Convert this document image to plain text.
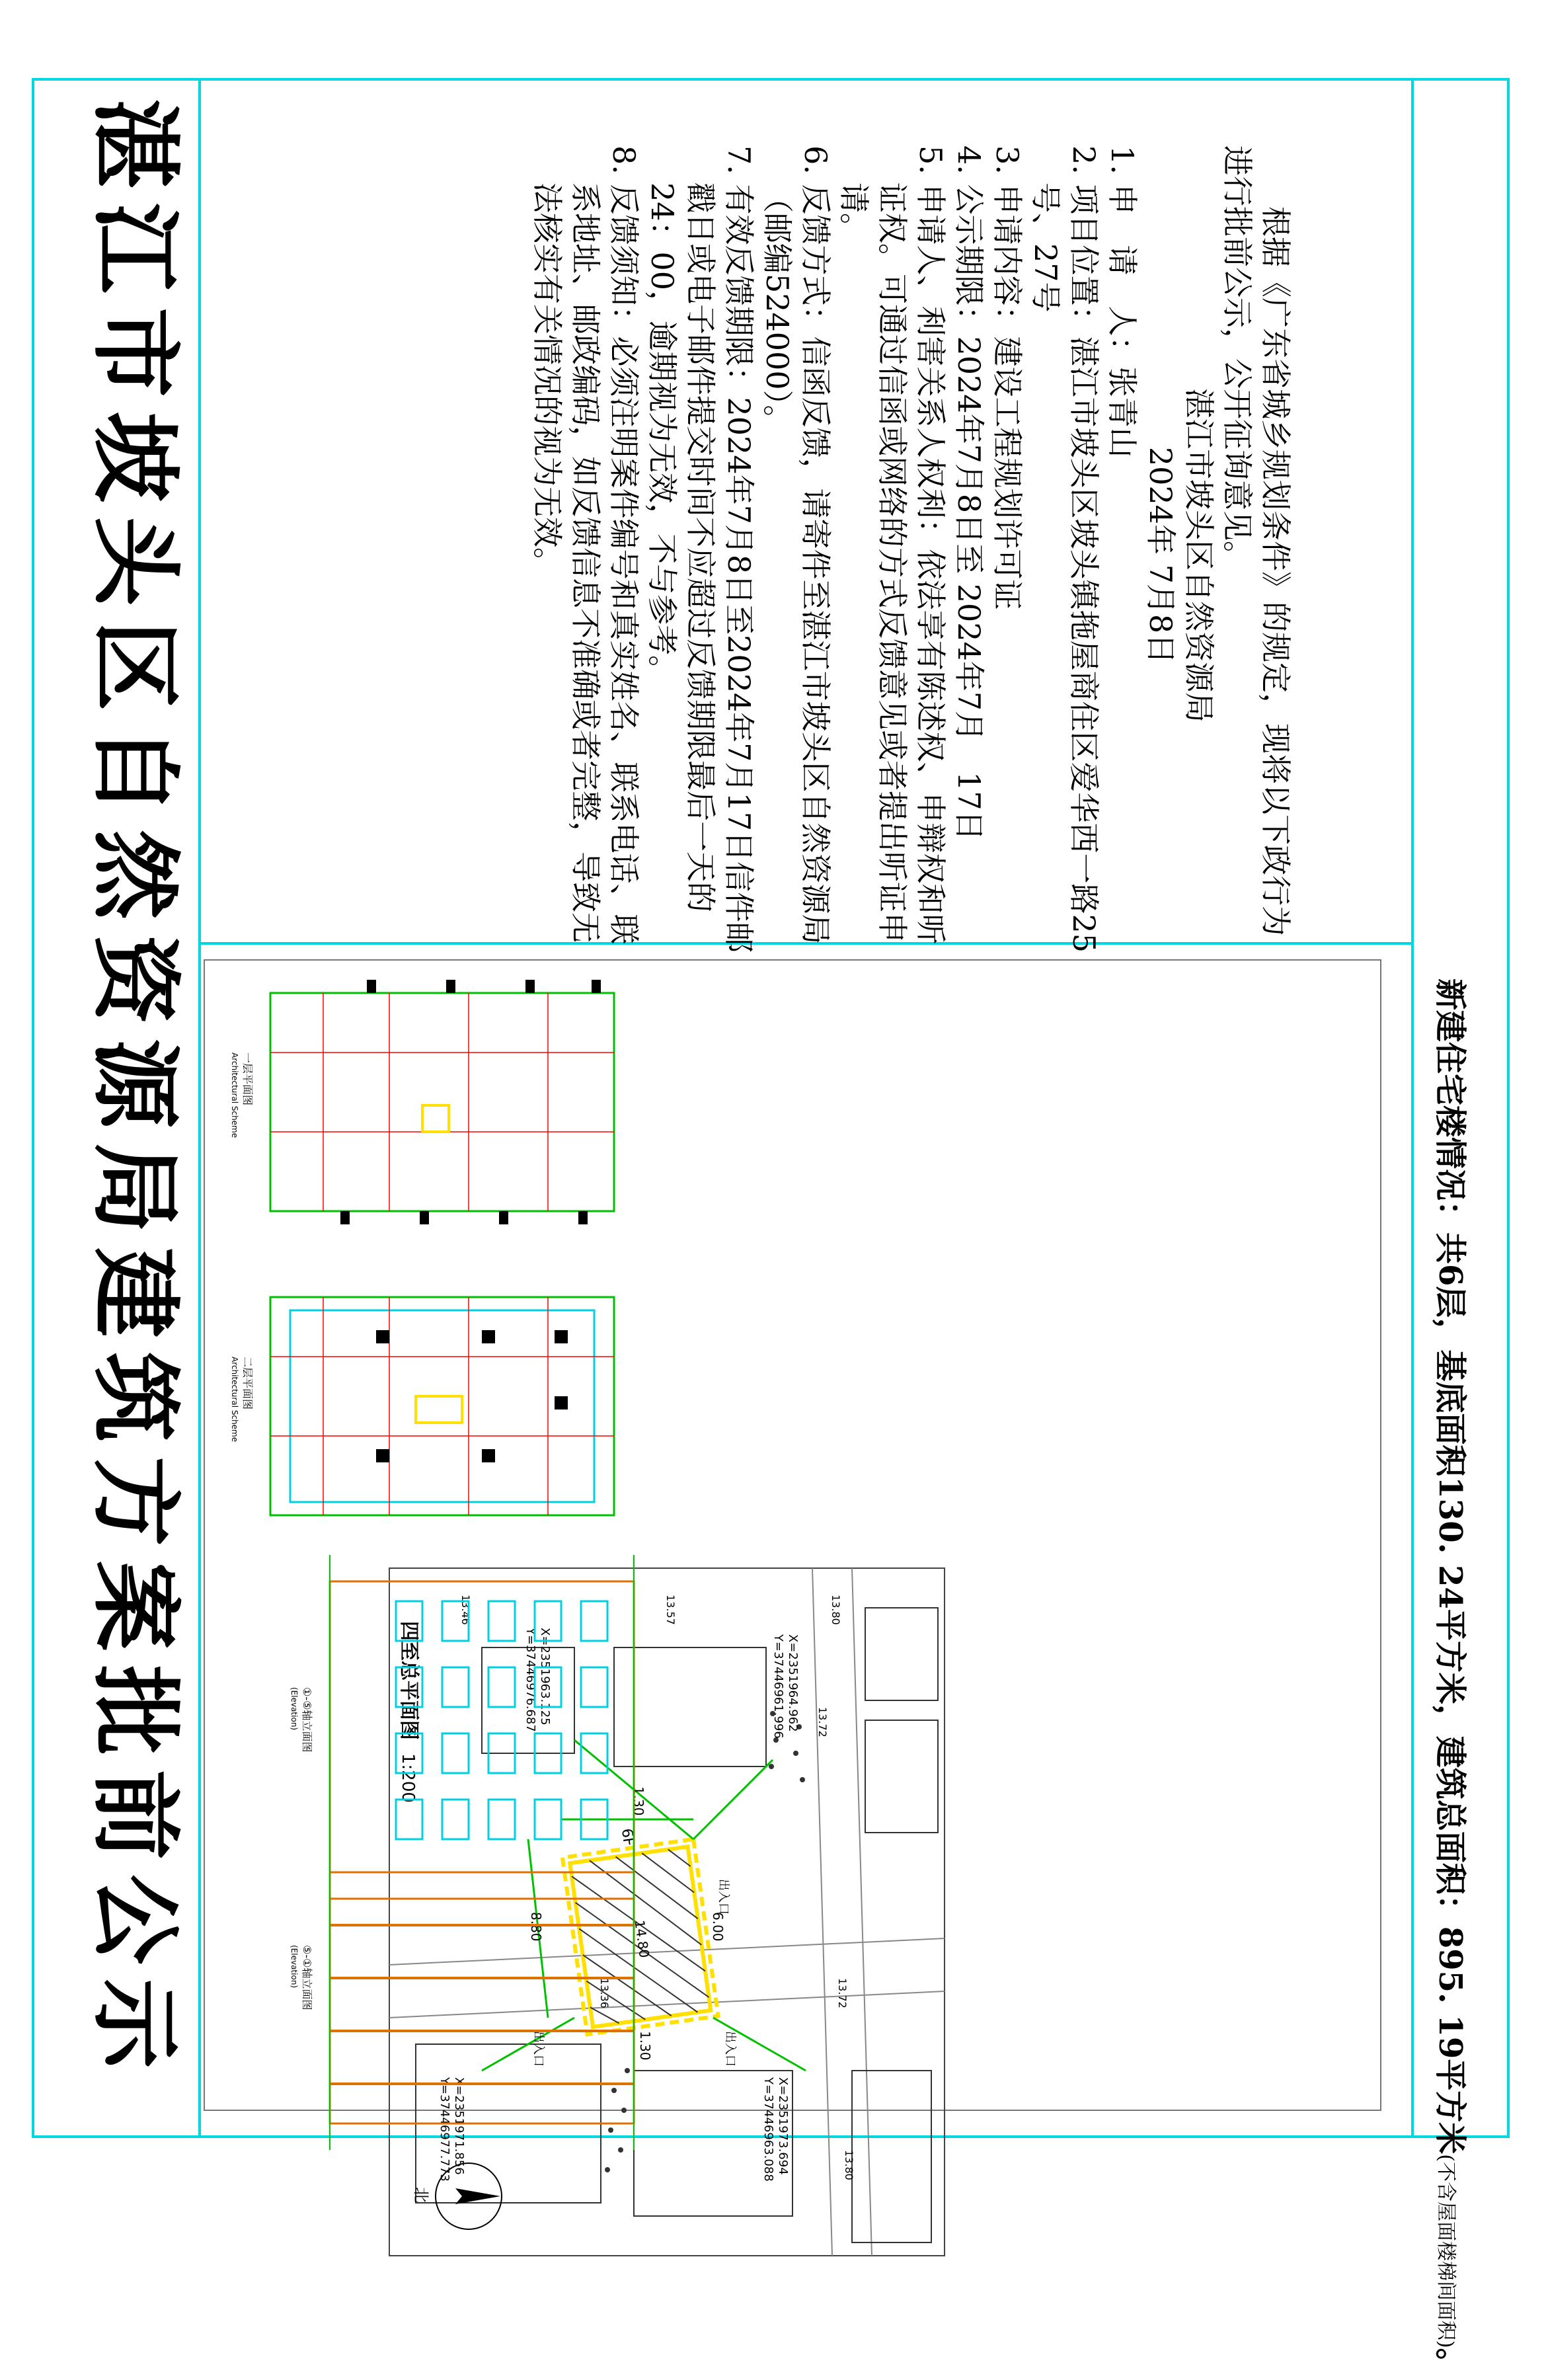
湛江市坡头区自然资源局建筑方案批前公示	根据《广东省城乡规划条件》的规定，现将以下政行为进行批前公示，公开征询意见。

湛江市坡头区自然资源局

2024年 7月8日

1. 申　请　人：张青山

2. 项目位置：湛江市坡头区坡头镇拖屋商住区爱华西一路25号、27号

3. 申请内容：建设工程规划许可证

4. 公示期限：2024年7月8日至 2024年7月　17日

5. 申请人、利害关系人权利：依法享有陈述权、申辩权和听证权。可通过信函或网络的方式反馈意见或者提出听证申请。

6. 反馈方式：信函反馈，请寄件至湛江市坡头区自然资源局（邮编524000）。

7. 有效反馈期限：2024年7月8日至2024年7月17日信件邮戳日或电子邮件提交时间不应超过反馈期限最后一天的24：00，逾期视为无效，不与参考。

8. 反馈须知：必须注明案件编号和真实姓名、联系电话、联系地址、邮政编码，如反馈信息不准确或者完整，导致无法核实有关情况的视为无效。

6F
14.80
8.80
1.30
6.00
1.30
X=2351973.694
Y=37446963.088
X=2351964.962
Y=37446961.996
X=2351963.125
Y=37446976.687
X=2351971.856
Y=37446977.773
出入口
出入口
出入口
13.72
13.72
13.80
13.36
13.80
13.57
13.46
四至总平面图
1:200
北
一层平面图
Architectural Scheme
二层平面图
Architectural Scheme
①-⑤轴立面图
(Elevation)
⑤-①轴立面图
(Elevation)	新建住宅楼情况：共6层，基底面积130. 24平方米，建筑总面积：895. 19平方米(不含屋面楼梯间面积)。
